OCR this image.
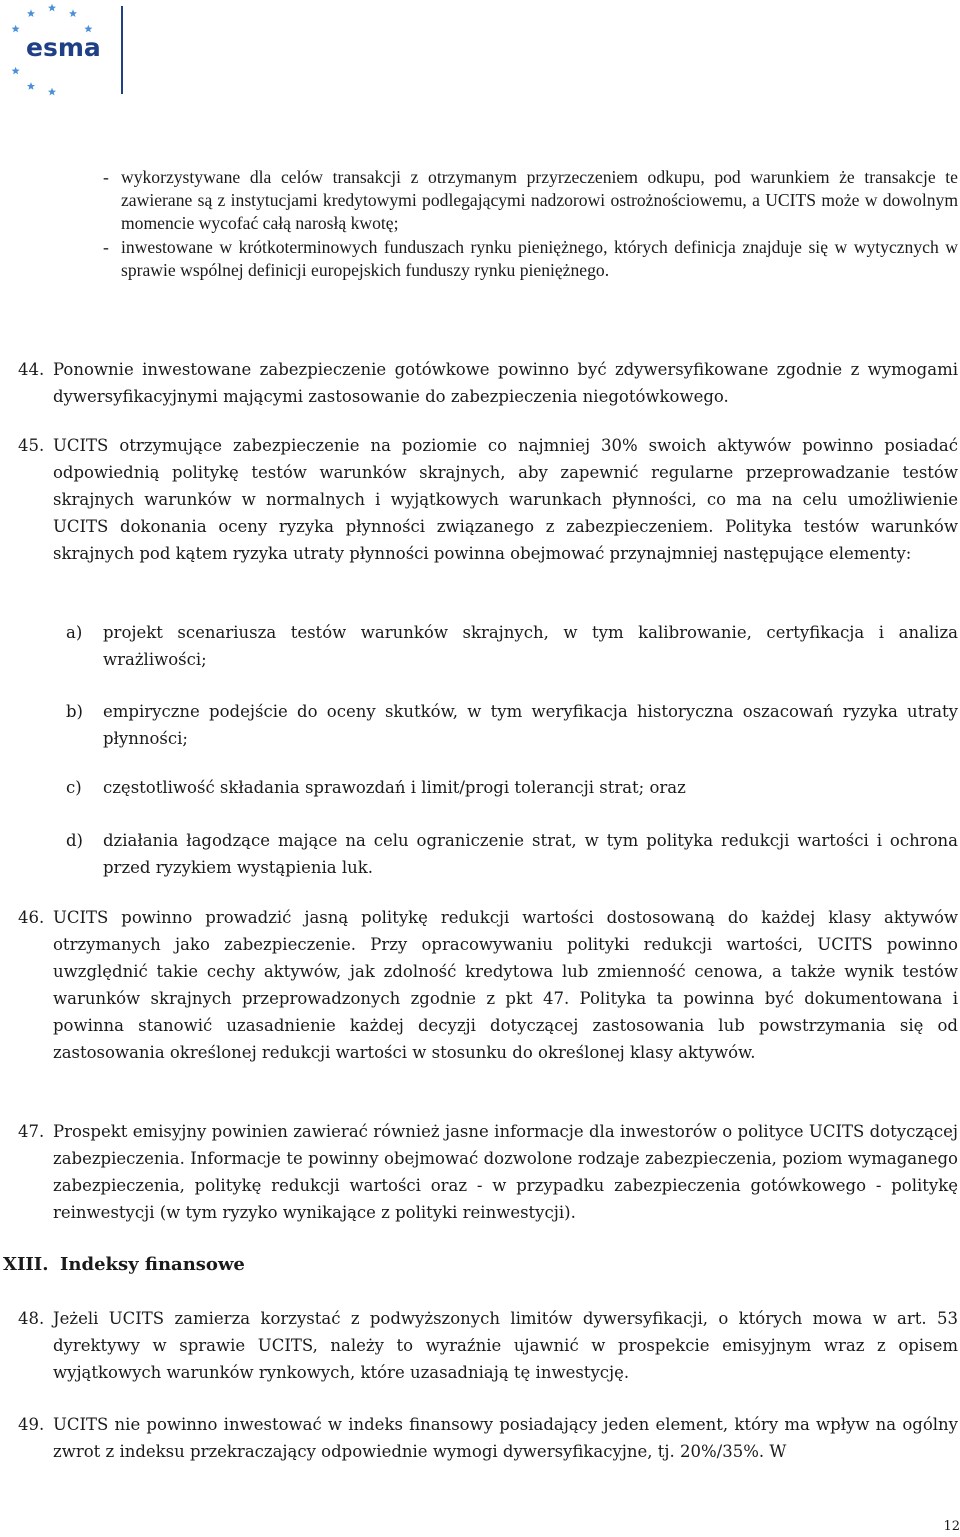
esma
- wykorzystywane dla celów transakcji z otrzymanym przyrzeczeniem odkupu, pod warunkiem że transakcje te zawierane są z instytucjami kredytowymi podlegającymi nadzorowi ostrożnościowemu, a UCITS może w dowolnym momencie wycofać całą narosłą kwotę;
- inwestowane w krótkoterminowych funduszach rynku pieniężnego, których definicja znajduje się w wytycznych w sprawie wspólnej definicji europejskich funduszy rynku pieniężnego.
44. Ponownie inwestowane zabezpieczenie gotówkowe powinno być zdywersyfikowane zgodnie z wymogami dywersyfikacyjnymi mającymi zastosowanie do zabezpieczenia niegotówkowego.
45. UCITS otrzymujące zabezpieczenie na poziomie co najmniej 30% swoich aktywów powinno posiadać odpowiednią politykę testów warunków skrajnych, aby zapewnić regularne przeprowadzanie testów skrajnych warunków w normalnych i wyjątkowych warunkach płynności, co ma na celu umożliwienie UCITS dokonania oceny ryzyka płynności związanego z zabezpieczeniem. Polityka testów warunków skrajnych pod kątem ryzyka utraty płynności powinna obejmować przynajmniej następujące elementy:
a) projekt scenariusza testów warunków skrajnych, w tym kalibrowanie, certyfikacja i analiza wrażliwości;
b) empiryczne podejście do oceny skutków, w tym weryfikacja historyczna oszacowań ryzyka utraty płynności;
c) częstotliwość składania sprawozdań i limit/progi tolerancji strat; oraz
d) działania łagodzące mające na celu ograniczenie strat, w tym polityka redukcji wartości i ochrona przed ryzykiem wystąpienia luk.
46. UCITS powinno prowadzić jasną politykę redukcji wartości dostosowaną do każdej klasy aktywów otrzymanych jako zabezpieczenie. Przy opracowywaniu polityki redukcji wartości, UCITS powinno uwzględnić takie cechy aktywów, jak zdolność kredytowa lub zmienność cenowa, a także wynik testów warunków skrajnych przeprowadzonych zgodnie z pkt 47. Polityka ta powinna być dokumentowana i powinna stanowić uzasadnienie każdej decyzji dotyczącej zastosowania lub powstrzymania się od zastosowania określonej redukcji wartości w stosunku do określonej klasy aktywów.
47. Prospekt emisyjny powinien zawierać również jasne informacje dla inwestorów o polityce UCITS dotyczącej zabezpieczenia. Informacje te powinny obejmować dozwolone rodzaje zabezpieczenia, poziom wymaganego zabezpieczenia, politykę redukcji wartości oraz - w przypadku zabezpieczenia gotówkowego - politykę reinwestycji (w tym ryzyko wynikające z polityki reinwestycji).
XIII. Indeksy finansowe
48. Jeżeli UCITS zamierza korzystać z podwyższonych limitów dywersyfikacji, o których mowa w art. 53 dyrektywy w sprawie UCITS, należy to wyraźnie ujawnić w prospekcie emisyjnym wraz z opisem wyjątkowych warunków rynkowych, które uzasadniają tę inwestycję.
49. UCITS nie powinno inwestować w indeks finansowy posiadający jeden element, który ma wpływ na ogólny zwrot z indeksu przekraczający odpowiednie wymogi dywersyfikacyjne, tj. 20%/35%. W
12
